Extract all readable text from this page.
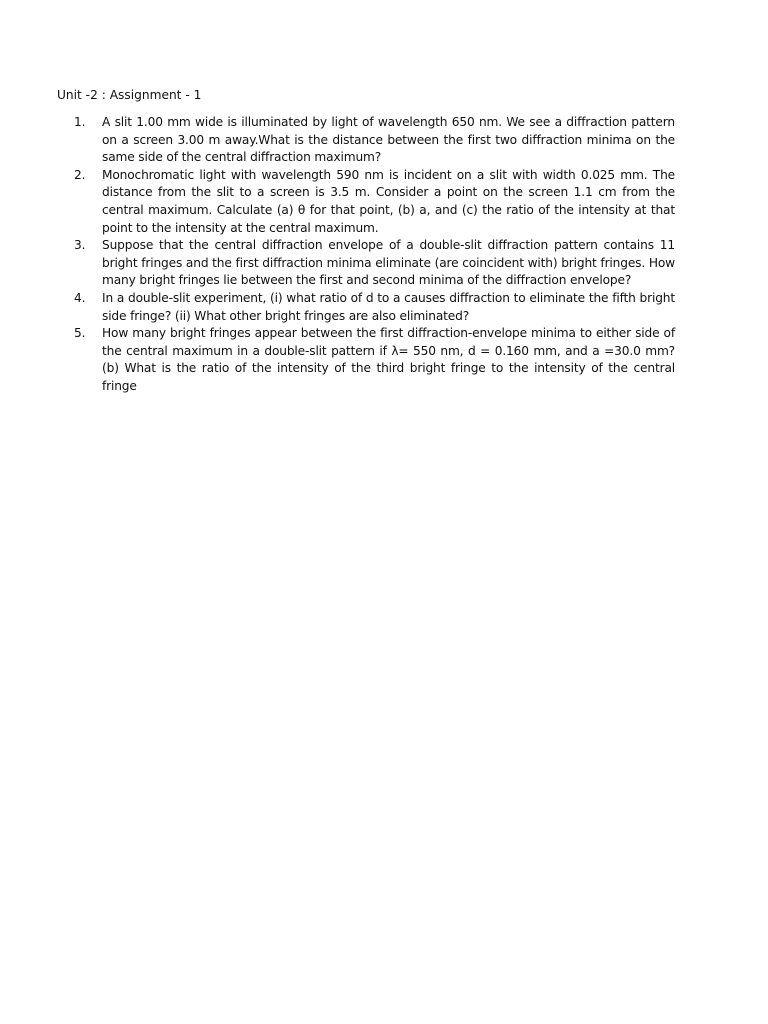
Unit -2 : Assignment - 1
1.	A slit 1.00 mm wide is illuminated by light of wavelength 650 nm. We see a diffraction pattern on a screen 3.00 m away.What is the distance between the first two diffraction minima on the same side of the central diffraction maximum?
2.	Monochromatic light with wavelength 590 nm is incident on a slit with width 0.025 mm. The distance from the slit to a screen is 3.5 m. Consider a point on the screen 1.1 cm from the central maximum. Calculate (a) θ for that point, (b) a, and (c) the ratio of the intensity at that point to the intensity at the central maximum.
3.	Suppose that the central diffraction envelope of a double-slit diffraction pattern contains 11 bright fringes and the first diffraction minima eliminate (are coincident with) bright fringes. How many bright fringes lie between the first and second minima of the diffraction envelope?
4.	In a double-slit experiment, (i) what ratio of d to a causes diffraction to eliminate the fifth bright side fringe? (ii) What other bright fringes are also eliminated?
5.	How many bright fringes appear between the first diffraction-envelope minima to either side of the central maximum in a double-slit pattern if λ= 550 nm, d = 0.160 mm, and a =30.0 mm? (b) What is the ratio of the intensity of the third bright fringe to the intensity of the central fringe
